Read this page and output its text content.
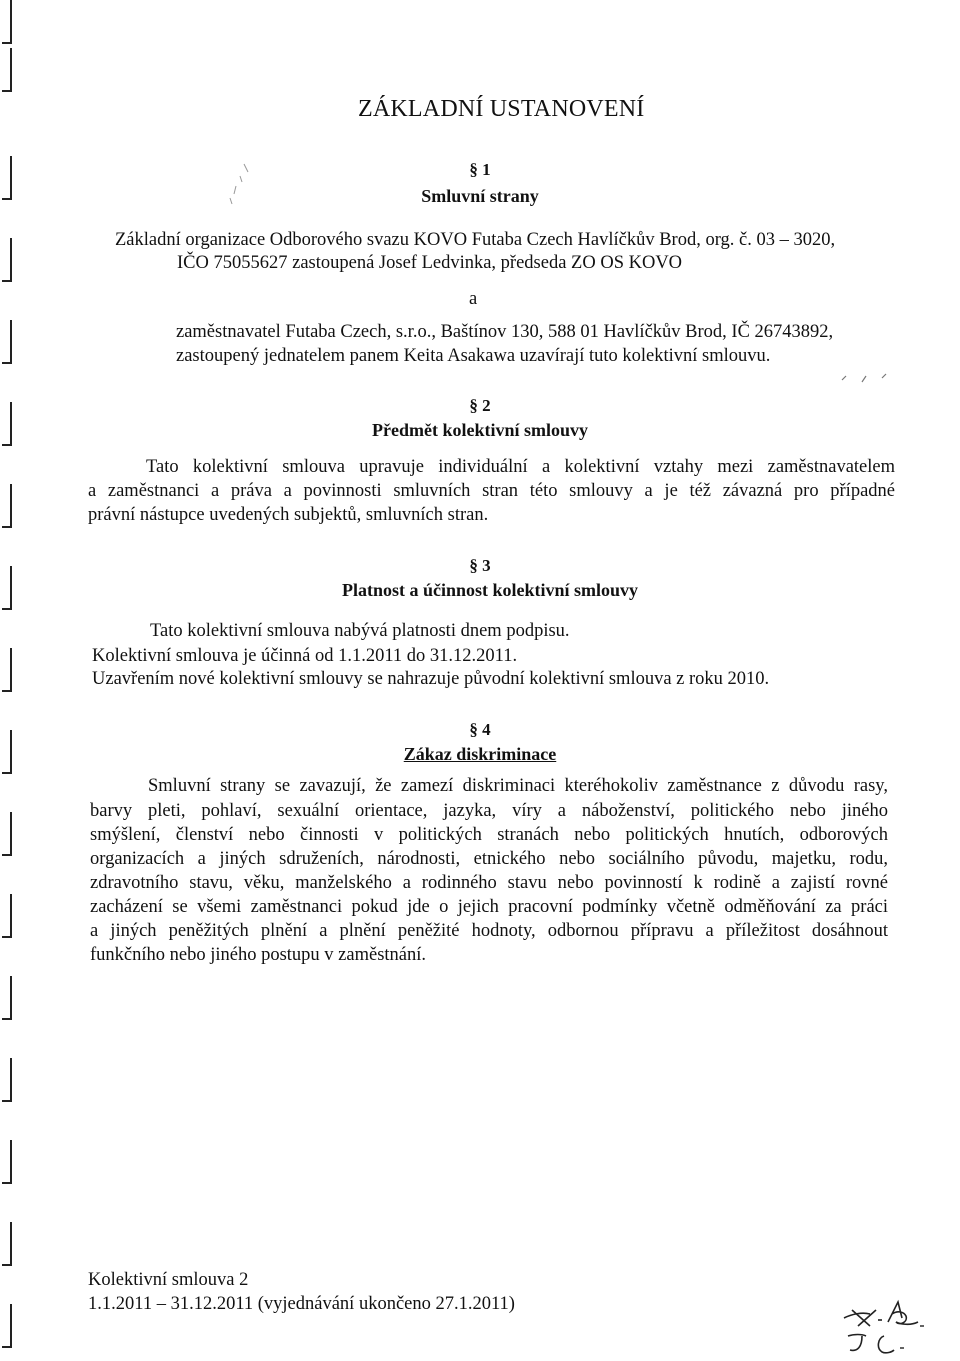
ZÁKLADNÍ USTANOVENÍ
§ 1
Smluvní strany
Základní organizace Odborového svazu KOVO Futaba Czech Havlíčkův Brod, org. č. 03 – 3020,
IČO 75055627 zastoupená Josef Ledvinka, předseda ZO OS KOVO
a
zaměstnavatel Futaba Czech, s.r.o., Baštínov 130, 588 01 Havlíčkův Brod, IČ 26743892,
zastoupený jednatelem panem Keita Asakawa uzavírají tuto kolektivní smlouvu.
§ 2
Předmět kolektivní smlouvy
Tato kolektivní smlouva upravuje individuální a kolektivní vztahy mezi zaměstnavatelem
a zaměstnanci a práva a povinnosti smluvních stran této smlouvy a je též závazná pro případné
právní nástupce uvedených subjektů, smluvních stran.
§ 3
Platnost a účinnost kolektivní smlouvy
Tato kolektivní smlouva nabývá platnosti dnem podpisu.
Kolektivní smlouva je účinná od 1.1.2011 do 31.12.2011.
Uzavřením nové kolektivní smlouvy se nahrazuje původní kolektivní smlouva z roku 2010.
§ 4
Zákaz diskriminace
Smluvní strany se zavazují, že zamezí diskriminaci kteréhokoliv zaměstnance z důvodu rasy,
barvy pleti, pohlaví, sexuální orientace, jazyka, víry a náboženství, politického nebo jiného
smýšlení, členství nebo činnosti v politických stranách nebo politických hnutích, odborových
organizacích a jiných sdruženích, národnosti, etnického nebo sociálního původu, majetku, rodu,
zdravotního stavu, věku, manželského a rodinného stavu nebo povinností k rodině a zajistí rovné
zacházení se všemi zaměstnanci pokud jde o jejich pracovní podmínky včetně odměňování za práci
a jiných peněžitých plnění a plnění peněžité hodnoty, odbornou přípravu a příležitost dosáhnout
funkčního nebo jiného postupu v zaměstnání.
Kolektivní smlouva 2
1.1.2011 – 31.12.2011 (vyjednávání ukončeno 27.1.2011)
